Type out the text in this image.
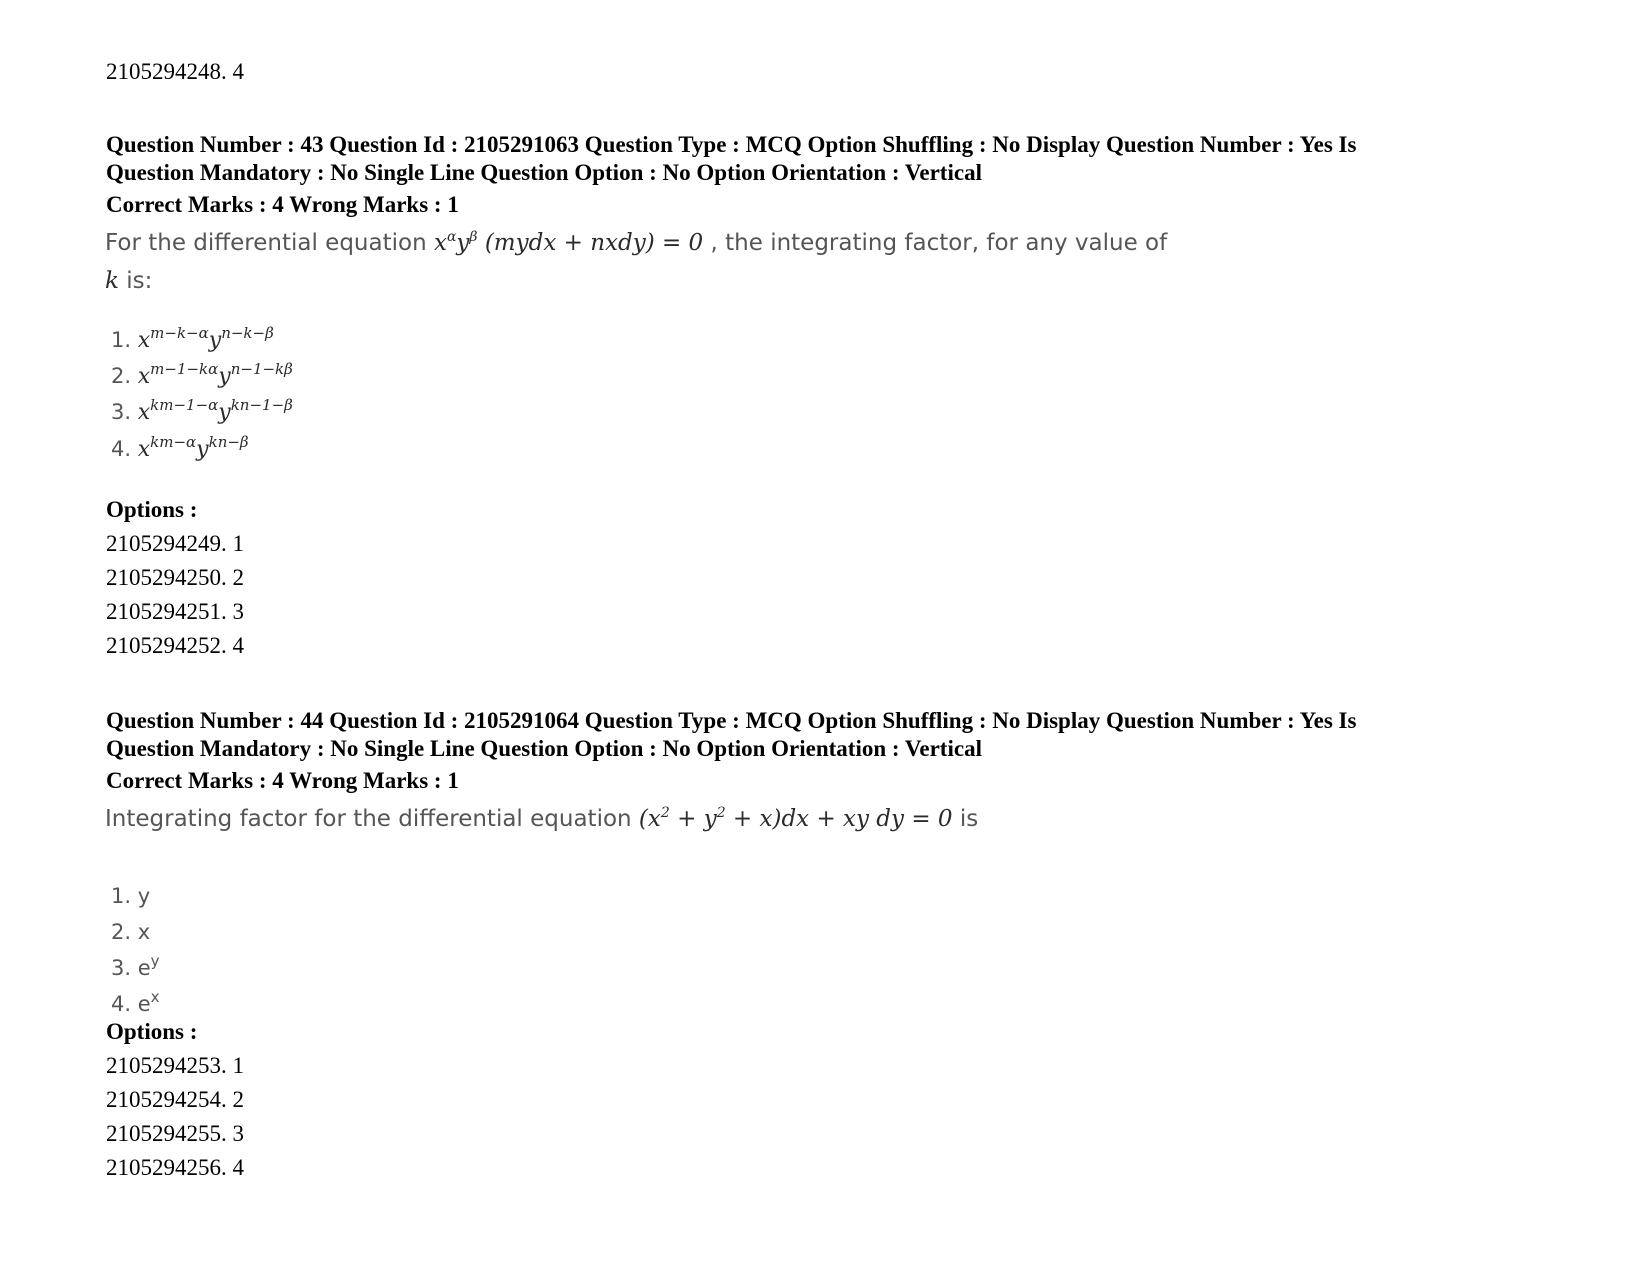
2105294248. 4
Question Number : 43 Question Id : 2105291063 Question Type : MCQ Option Shuffling : No Display Question Number : Yes Is
Question Mandatory : No Single Line Question Option : No Option Orientation : Vertical
Correct Marks : 4 Wrong Marks : 1
For the differential equation $x^\alpha y^\beta$ (mydx + nxdy) = 0 , the integrating factor, for any value of
k is:
1. $x^{m-k-\alpha}y^{n-k-\beta}$
2. $x^{m-1-k\alpha}y^{n-1-k\beta}$
3. $x^{km-1-\alpha}y^{kn-1-\beta}$
4. $x^{km-\alpha}y^{kn-\beta}$
Options :
2105294249. 1
2105294250. 2
2105294251. 3
2105294252. 4
Question Number : 44 Question Id : 2105291064 Question Type : MCQ Option Shuffling : No Display Question Number : Yes Is
Question Mandatory : No Single Line Question Option : No Option Orientation : Vertical
Correct Marks : 4 Wrong Marks : 1
Integrating factor for the differential equation $(x^2 + y^2 + x)dx$ + xy dy = 0 is
1. y
2. x
3. $e^y$
4. $e^x$
Options :
2105294253. 1
2105294254. 2
2105294255. 3
2105294256. 4
